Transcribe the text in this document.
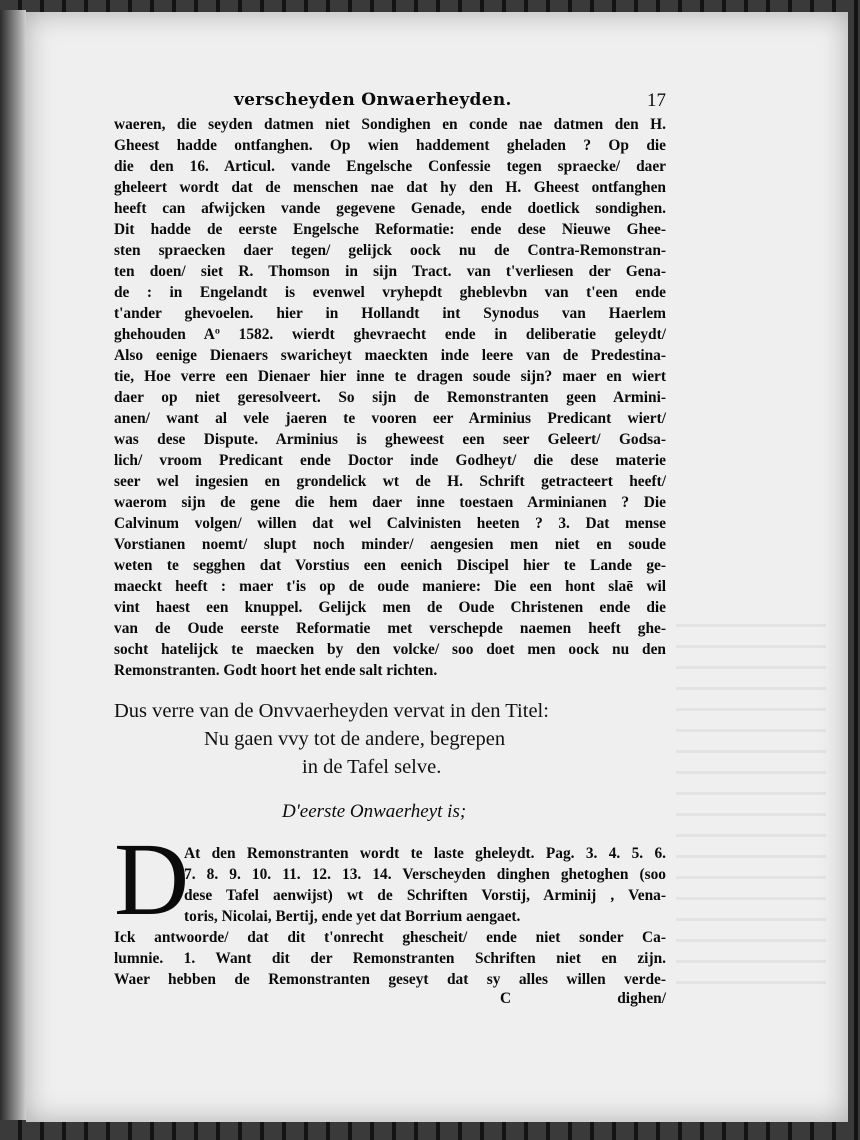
verscheyden Onwaerheyden.	17
waeren, die seyden datmen niet Sondighen en conde nae datmen den H.
Gheest hadde ontfanghen. Op wien haddement gheladen ? Op die
die den 16. Articul. vande Engelsche Confessie tegen spraecke/ daer
gheleert wordt dat de menschen nae dat hy den H. Gheest ontfanghen
heeft can afwijcken vande gegevene Genade, ende doetlick sondighen.
Dit hadde de eerste Engelsche Reformatie: ende dese Nieuwe Ghee-
sten spraecken daer tegen/ gelijck oock nu de Contra-Remonstran-
ten doen/ siet R. Thomson in sijn Tract. van t'verliesen der Gena-
de : in Engelandt is evenwel vryhepdt gheblevbn van t'een ende
t'ander ghevoelen. hier in Hollandt int Synodus van Haerlem
ghehouden Aº 1582. wierdt ghevraecht ende in deliberatie geleydt/
Also eenige Dienaers swaricheyt maeckten inde leere van de Predestina-
tie, Hoe verre een Dienaer hier inne te dragen soude sijn? maer en wiert
daer op niet geresolveert. So sijn de Remonstranten geen Armini-
anen/ want al vele jaeren te vooren eer Arminius Predicant wiert/
was dese Dispute. Arminius is gheweest een seer Geleert/ Godsa-
lich/ vroom Predicant ende Doctor inde Godheyt/ die dese materie
seer wel ingesien en grondelick wt de H. Schrift getracteert heeft/
waerom sijn de gene die hem daer inne toestaen Arminianen ? Die
Calvinum volgen/ willen dat wel Calvinisten heeten ? 3. Dat mense
Vorstianen noemt/ slupt noch minder/ aengesien men niet en soude
weten te segghen dat Vorstius een eenich Discipel hier te Lande ge-
maeckt heeft : maer t'is op de oude maniere: Die een hont slaē wil
vint haest een knuppel. Gelijck men de Oude Christenen ende die
van de Oude eerste Reformatie met verschepde naemen heeft ghe-
socht hatelijck te maecken by den volcke/ soo doet men oock nu den
Remonstranten. Godt hoort het ende salt richten.
Dus verre van de Onvvaerheyden vervat in den Titel:
Nu gaen vvy tot de andere, begrepen
in de Tafel selve.
D'eerste Onwaerheyt is;
D
At den Remonstranten wordt te laste gheleydt. Pag. 3. 4. 5. 6.
7. 8. 9. 10. 11. 12. 13. 14. Verscheyden dinghen ghetoghen (soo
dese Tafel aenwijst) wt de Schriften Vorstij, Arminij , Vena-
toris, Nicolai, Bertij, ende yet dat Borrium aengaet.
Ick antwoorde/ dat dit t'onrecht ghescheit/ ende niet sonder Ca-
lumnie. 1. Want dit der Remonstranten Schriften niet en zijn.
Waer hebben de Remonstranten geseyt dat sy alles willen verde-
C	dighen/
